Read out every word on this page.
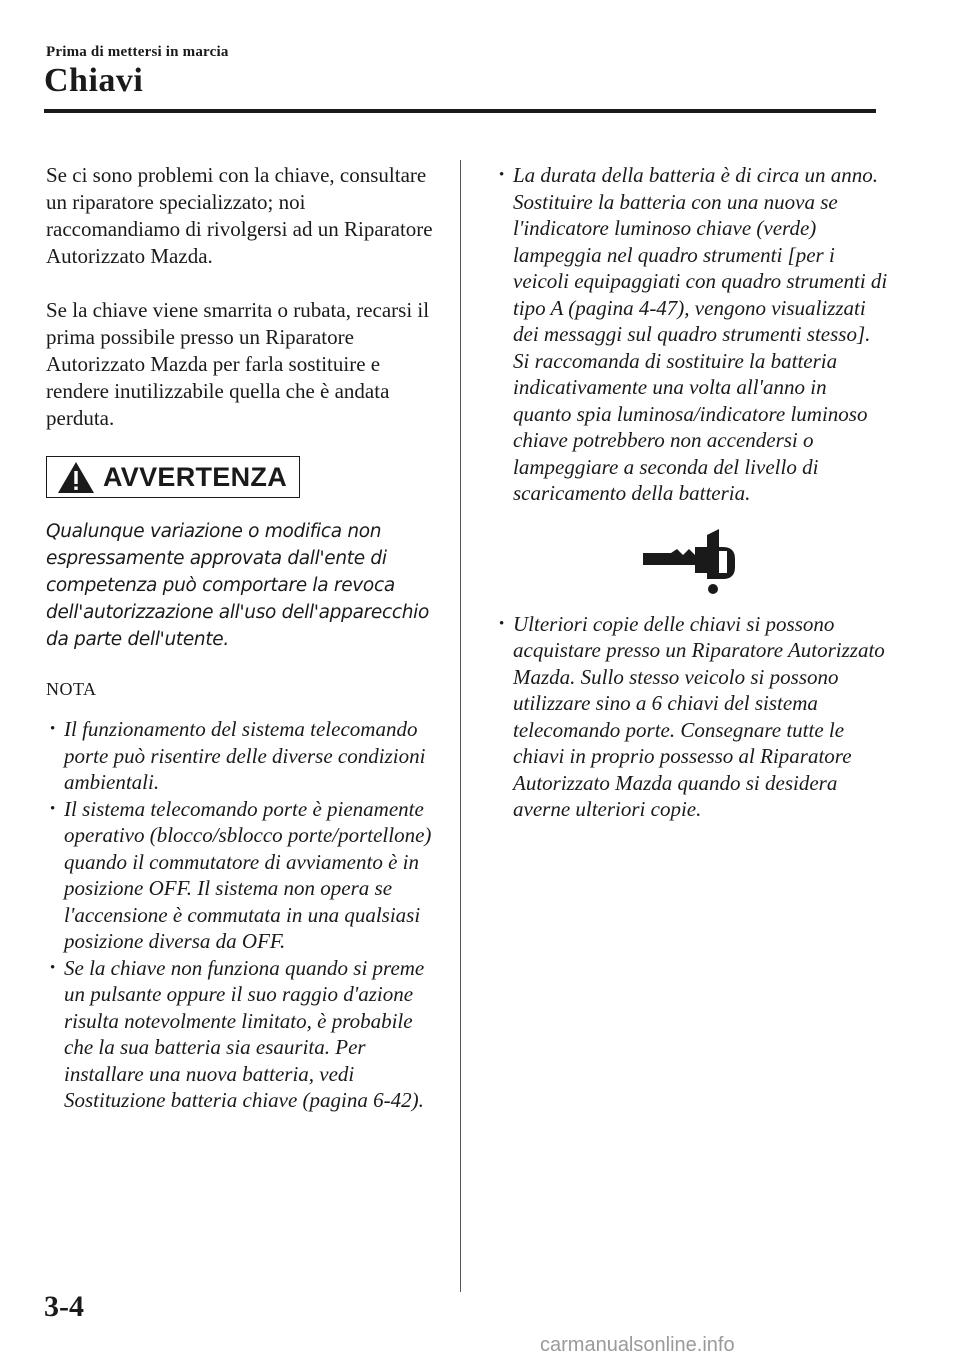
Prima di mettersi in marcia
Chiavi

Se ci sono problemi con la chiave, consultare un riparatore specializzato; noi raccomandiamo di rivolgersi ad un Riparatore Autorizzato Mazda.

Se la chiave viene smarrita o rubata, recarsi il prima possibile presso un Riparatore Autorizzato Mazda per farla sostituire e rendere inutilizzabile quella che è andata perduta.

AVVERTENZA

Qualunque variazione o modifica non espressamente approvata dall'ente di competenza può comportare la revoca dell'autorizzazione all'uso dell'apparecchio da parte dell'utente.

NOTA
• Il funzionamento del sistema telecomando porte può risentire delle diverse condizioni ambientali.
• Il sistema telecomando porte è pienamente operativo (blocco/sblocco porte/portellone) quando il commutatore di avviamento è in posizione OFF. Il sistema non opera se l'accensione è commutata in una qualsiasi posizione diversa da OFF.
• Se la chiave non funziona quando si preme un pulsante oppure il suo raggio d'azione risulta notevolmente limitato, è probabile che la sua batteria sia esaurita. Per installare una nuova batteria, vedi Sostituzione batteria chiave (pagina 6-42).
• La durata della batteria è di circa un anno. Sostituire la batteria con una nuova se l'indicatore luminoso chiave (verde) lampeggia nel quadro strumenti [per i veicoli equipaggiati con quadro strumenti di tipo A (pagina 4-47), vengono visualizzati dei messaggi sul quadro strumenti stesso]. Si raccomanda di sostituire la batteria indicativamente una volta all'anno in quanto spia luminosa/indicatore luminoso chiave potrebbero non accendersi o lampeggiare a seconda del livello di scaricamento della batteria.
• Ulteriori copie delle chiavi si possono acquistare presso un Riparatore Autorizzato Mazda. Sullo stesso veicolo si possono utilizzare sino a 6 chiavi del sistema telecomando porte. Consegnare tutte le chiavi in proprio possesso al Riparatore Autorizzato Mazda quando si desidera averne ulteriori copie.
3-4
carmanualsonline.info
